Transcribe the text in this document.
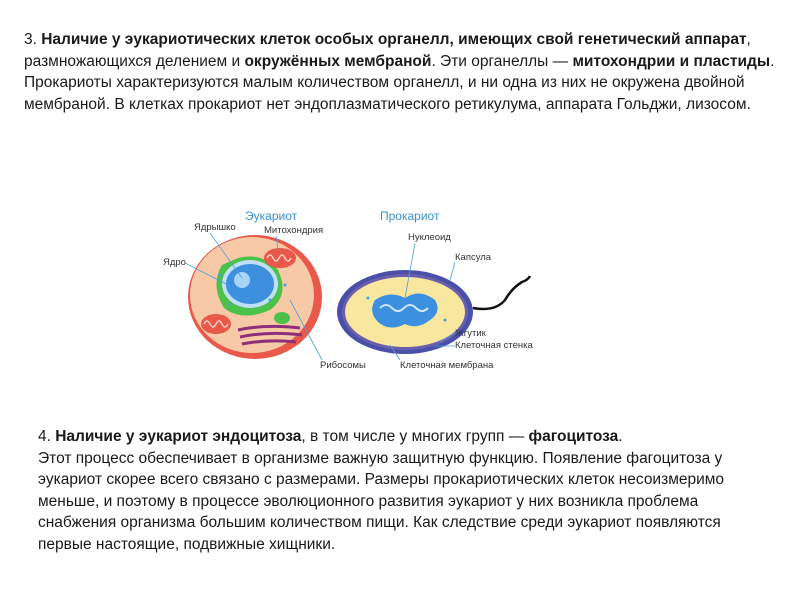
3. Наличие у эукариотических клеток особых органелл, имеющих свой генетический аппарат, размножающихся делением и окружённых мембраной. Эти органеллы — митохондрии и пластиды.
Прокариоты характеризуются малым количеством органелл, и ни одна из них не окружена двойной мембраной. В клетках прокариот нет эндоплазматического ретикулума, аппарата Гольджи, лизосом.
Эукариот
Ядрышко	Митохондрия
Ядро
Рибосомы
Прокариот
Нуклеоид
Капсула
Жгутик
Клеточная стенка
Клеточная мембрана
4. Наличие у эукариот эндоцитоза, в том числе у многих групп — фагоцитоза.
Этот процесс обеспечивает в организме важную защитную функцию. Появление фагоцитоза у эукариот скорее всего связано с размерами. Размеры прокариотических клеток несоизмеримо меньше, и поэтому в процессе эволюционного развития эукариот у них возникла проблема снабжения организма большим количеством пищи. Как следствие среди эукариот появляются первые настоящие, подвижные хищники.
